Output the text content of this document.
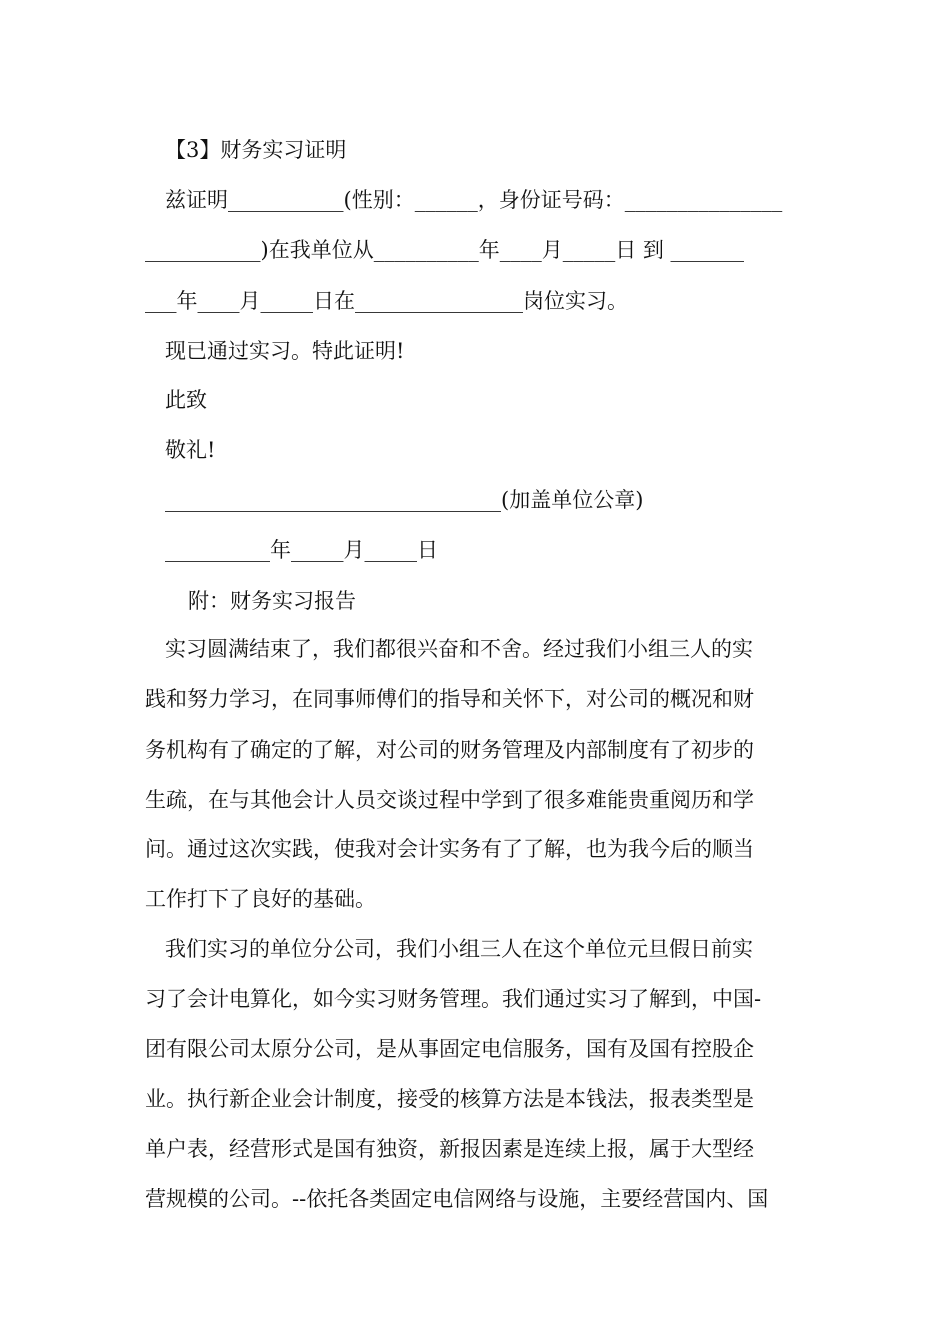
【3】财务实习证明
兹证明___________(性别：______，身份证号码：_______________
___________)在我单位从__________年____月_____日 到 _______
___年____月_____日在________________岗位实习。
现已通过实习。特此证明!
此致
敬礼!
________________________________(加盖单位公章)
__________年_____月_____日
附：财务实习报告
实习圆满结束了，我们都很兴奋和不舍。经过我们小组三人的实
践和努力学习，在同事师傅们的指导和关怀下，对公司的概况和财
务机构有了确定的了解，对公司的财务管理及内部制度有了初步的
生疏，在与其他会计人员交谈过程中学到了很多难能贵重阅历和学
问。通过这次实践，使我对会计实务有了了解，也为我今后的顺当
工作打下了良好的基础。
我们实习的单位分公司，我们小组三人在这个单位元旦假日前实
习了会计电算化，如今实习财务管理。我们通过实习了解到，中国-
团有限公司太原分公司，是从事固定电信服务，国有及国有控股企
业。执行新企业会计制度，接受的核算方法是本钱法，报表类型是
单户表，经营形式是国有独资，新报因素是连续上报，属于大型经
营规模的公司。--依托各类固定电信网络与设施，主要经营国内、国
